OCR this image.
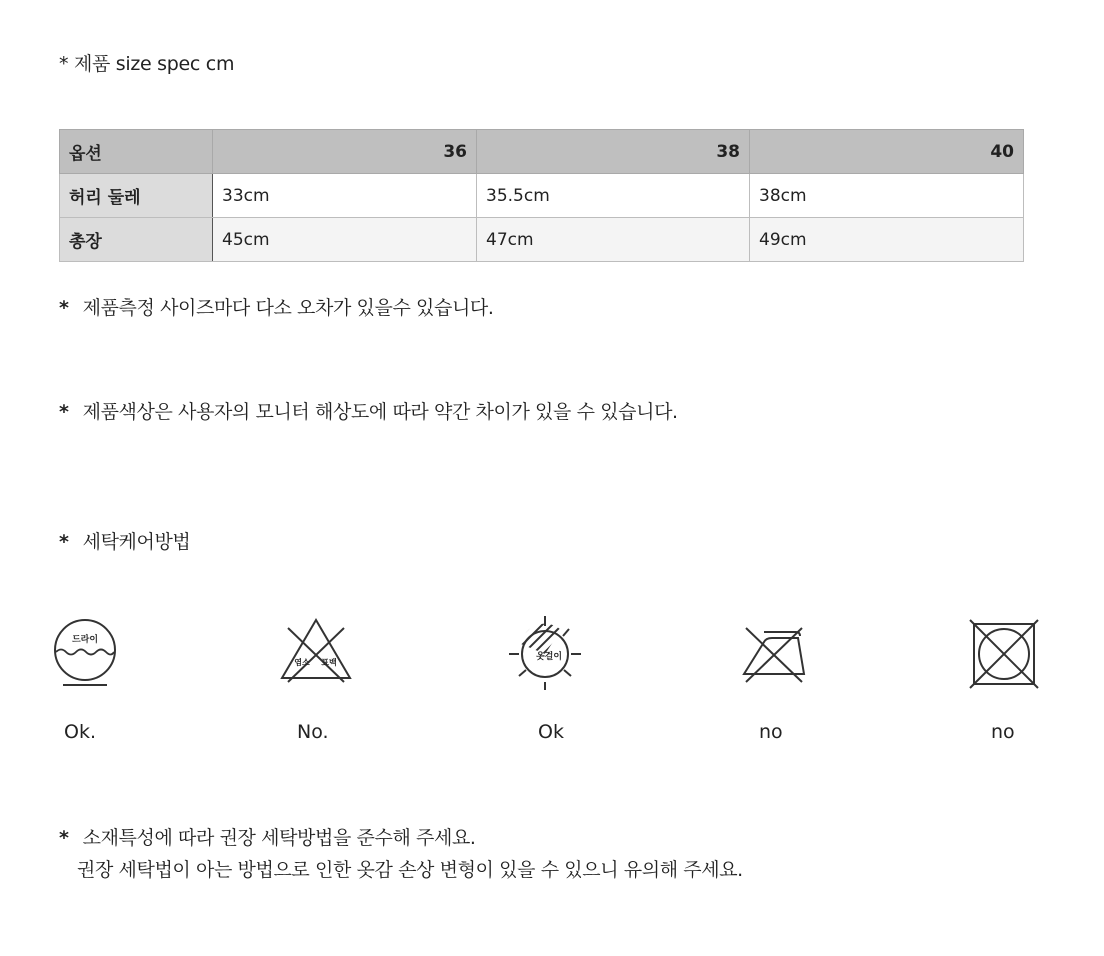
* 제품 size spec cm
옵션	36	38	40
허리 둘레	33cm	35.5cm	38cm
총장	45cm	47cm	49cm
* 제품측정 사이즈마다 다소 오차가 있을수 있습니다.
* 제품색상은 사용자의 모니터 해상도에 따라 약간 차이가 있을 수 있습니다.
* 세탁케어방법
드라이
Ok.
염소 표백
No.
옷걸이
Ok	no	no
* 소재특성에 따라 권장 세탁방법을 준수해 주세요.
권장 세탁법이 아는 방법으로 인한 옷감 손상 변형이 있을 수 있으니 유의해 주세요.
